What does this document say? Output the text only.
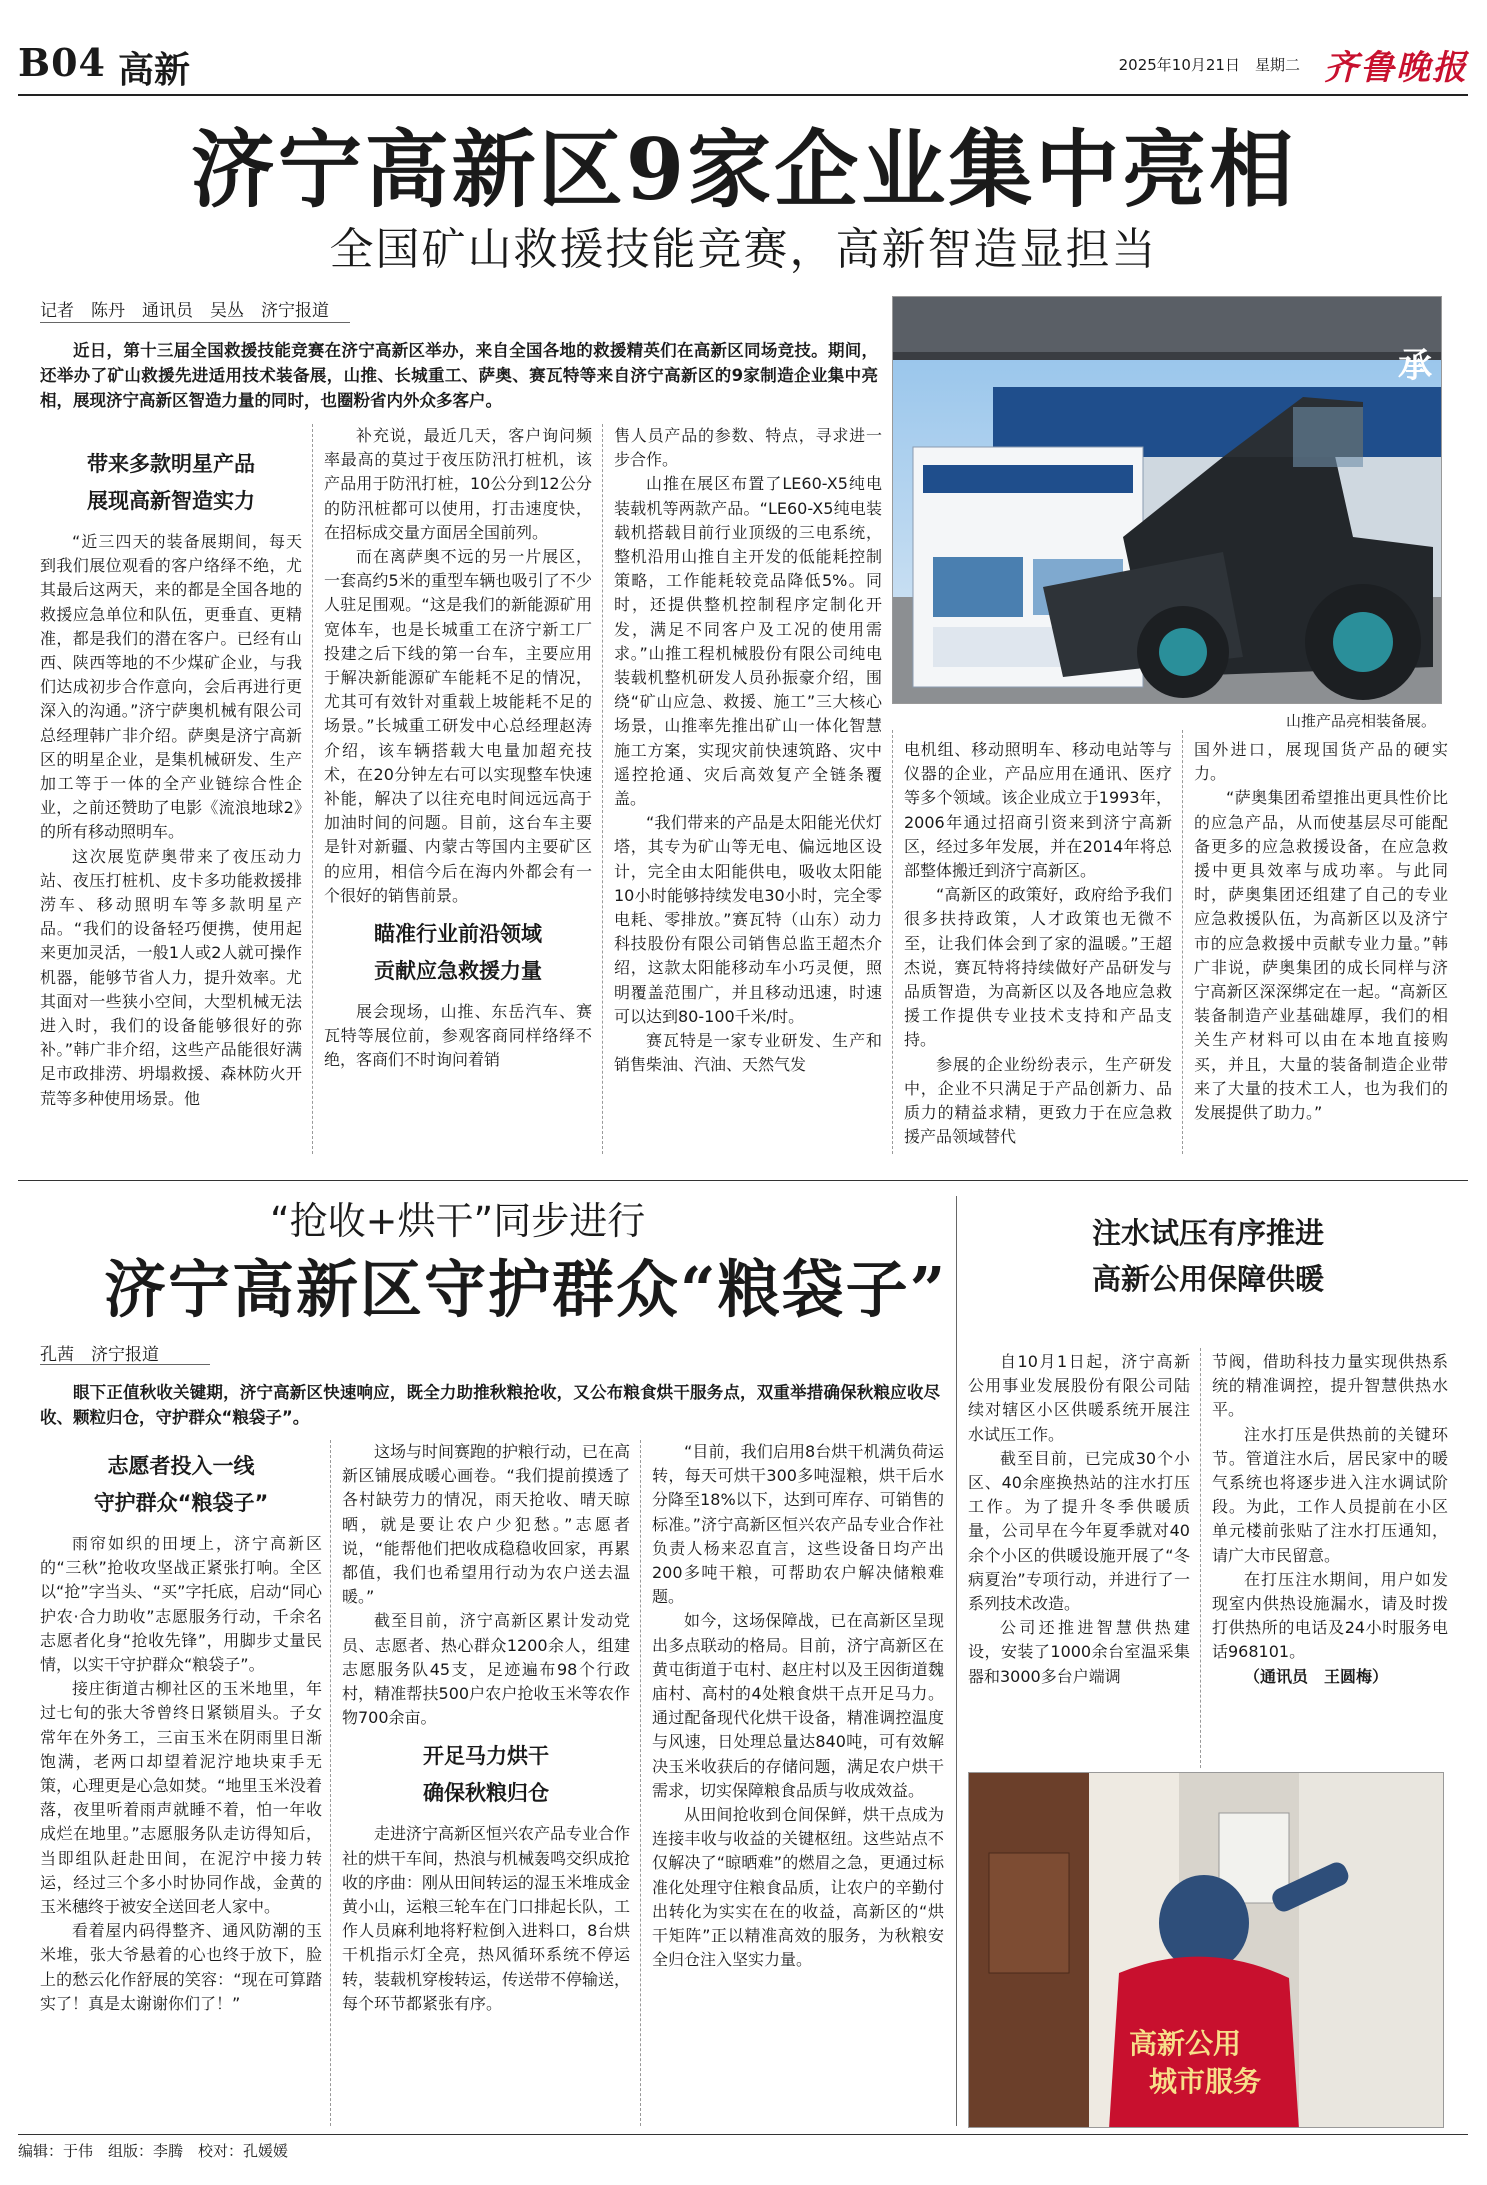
B04 高新	2025年10月21日　 星期二 齐鲁晚报
济宁高新区9家企业集中亮相
全国矿山救援技能竞赛，高新智造显担当
记者　陈丹　通讯员　吴丛　济宁报道
近日，第十三届全国救援技能竞赛在济宁高新区举办，来自全国各地的救援精英们在高新区同场竞技。期间，还举办了矿山救援先进适用技术装备展，山推、长城重工、萨奥、赛瓦特等来自济宁高新区的9家制造企业集中亮相，展现济宁高新区智造力量的同时，也圈粉省内外众多客户。
承
山推产品亮相装备展。
带来多款明星产品
展现高新智造实力

“近三四天的装备展期间，每天到我们展位观看的客户络绎不绝，尤其最后这两天，来的都是全国各地的救援应急单位和队伍，更垂直、更精准，都是我们的潜在客户。已经有山西、陕西等地的不少煤矿企业，与我们达成初步合作意向，会后再进行更深入的沟通。”济宁萨奥机械有限公司总经理韩广非介绍。萨奥是济宁高新区的明星企业，是集机械研发、生产加工等于一体的全产业链综合性企业，之前还赞助了电影《流浪地球2》的所有移动照明车。

这次展览萨奥带来了夜压动力站、夜压打桩机、皮卡多功能救援排涝车、移动照明车等多款明星产品。“我们的设备轻巧便携，使用起来更加灵活，一般1人或2人就可操作机器，能够节省人力，提升效率。尤其面对一些狭小空间，大型机械无法进入时，我们的设备能够很好的弥补。”韩广非介绍，这些产品能很好满足市政排涝、坍塌救援、森林防火开荒等多种使用场景。他

补充说，最近几天，客户询问频率最高的莫过于夜压防汛打桩机，该产品用于防汛打桩，10公分到12公分的防汛桩都可以使用，打击速度快，在招标成交量方面居全国前列。

而在离萨奥不远的另一片展区，一套高约5米的重型车辆也吸引了不少人驻足围观。“这是我们的新能源矿用宽体车，也是长城重工在济宁新工厂投建之后下线的第一台车，主要应用于解决新能源矿车能耗不足的情况，尤其可有效针对重载上坡能耗不足的场景。”长城重工研发中心总经理赵涛介绍，该车辆搭载大电量加超充技术，在20分钟左右可以实现整车快速补能，解决了以往充电时间远远高于加油时间的问题。目前，这台车主要是针对新疆、内蒙古等国内主要矿区的应用，相信今后在海内外都会有一个很好的销售前景。

瞄准行业前沿领域
贡献应急救援力量

展会现场，山推、东岳汽车、赛瓦特等展位前，参观客商同样络绎不绝，客商们不时询问着销

售人员产品的参数、特点，寻求进一步合作。

山推在展区布置了LE60-X5纯电装载机等两款产品。“LE60-X5纯电装载机搭载目前行业顶级的三电系统，整机沿用山推自主开发的低能耗控制策略，工作能耗较竞品降低5%。同时，还提供整机控制程序定制化开发，满足不同客户及工况的使用需求。”山推工程机械股份有限公司纯电装载机整机研发人员孙振豪介绍，围绕“矿山应急、救援、施工”三大核心场景，山推率先推出矿山一体化智慧施工方案，实现灾前快速筑路、灾中遥控抢通、灾后高效复产全链条覆盖。

“我们带来的产品是太阳能光伏灯塔，其专为矿山等无电、偏远地区设计，完全由太阳能供电，吸收太阳能10小时能够持续发电30小时，完全零电耗、零排放。”赛瓦特（山东）动力科技股份有限公司销售总监王超杰介绍，这款太阳能移动车小巧灵便，照明覆盖范围广，并且移动迅速，时速可以达到80-100千米/时。

赛瓦特是一家专业研发、生产和销售柴油、汽油、天然气发

电机组、移动照明车、移动电站等与仪器的企业，产品应用在通讯、医疗等多个领域。该企业成立于1993年，2006年通过招商引资来到济宁高新区，经过多年发展，并在2014年将总部整体搬迁到济宁高新区。

“高新区的政策好，政府给予我们很多扶持政策，人才政策也无微不至，让我们体会到了家的温暖。”王超杰说，赛瓦特将持续做好产品研发与品质智造，为高新区以及各地应急救援工作提供专业技术支持和产品支持。

参展的企业纷纷表示，生产研发中，企业不只满足于产品创新力、品质力的精益求精，更致力于在应急救援产品领域替代

国外进口，展现国货产品的硬实力。

“萨奥集团希望推出更具性价比的应急产品，从而使基层尽可能配备更多的应急救援设备，在应急救援中更具效率与成功率。与此同时，萨奥集团还组建了自己的专业应急救援队伍，为高新区以及济宁市的应急救援中贡献专业力量。”韩广非说，萨奥集团的成长同样与济宁高新区深深绑定在一起。“高新区装备制造产业基础雄厚，我们的相关生产材料可以由在本地直接购买，并且，大量的装备制造企业带来了大量的技术工人，也为我们的发展提供了助力。”

“抢收+烘干”同步进行
济宁高新区守护群众“粮袋子”
孔茜　济宁报道
眼下正值秋收关键期，济宁高新区快速响应，既全力助推秋粮抢收，又公布粮食烘干服务点，双重举措确保秋粮应收尽收、颗粒归仓，守护群众“粮袋子”。
志愿者投入一线
守护群众“粮袋子”

雨帘如织的田埂上，济宁高新区的“三秋”抢收攻坚战正紧张打响。全区以“抢”字当头、“买”字托底，启动“同心护农·合力助收”志愿服务行动，千余名志愿者化身“抢收先锋”，用脚步丈量民情，以实干守护群众“粮袋子”。

接庄街道古柳社区的玉米地里，年过七旬的张大爷曾终日紧锁眉头。子女常年在外务工，三亩玉米在阴雨里日渐饱满，老两口却望着泥泞地块束手无策，心理更是心急如焚。“地里玉米没着落，夜里听着雨声就睡不着，怕一年收成烂在地里。”志愿服务队走访得知后，当即组队赶赴田间，在泥泞中接力转运，经过三个多小时协同作战，金黄的玉米穗终于被安全送回老人家中。

看着屋内码得整齐、通风防潮的玉米堆，张大爷悬着的心也终于放下，脸上的愁云化作舒展的笑容：“现在可算踏实了！真是太谢谢你们了！”

这场与时间赛跑的护粮行动，已在高新区铺展成暖心画卷。“我们提前摸透了各村缺劳力的情况，雨天抢收、晴天晾晒，就是要让农户少犯愁。”志愿者说，“能帮他们把收成稳稳收回家，再累都值，我们也希望用行动为农户送去温暖。”

截至目前，济宁高新区累计发动党员、志愿者、热心群众1200余人，组建志愿服务队45支，足迹遍布98个行政村，精准帮扶500户农户抢收玉米等农作物700余亩。

开足马力烘干
确保秋粮归仓

走进济宁高新区恒兴农产品专业合作社的烘干车间，热浪与机械轰鸣交织成抢收的序曲：刚从田间转运的湿玉米堆成金黄小山，运粮三轮车在门口排起长队，工作人员麻利地将籽粒倒入进料口，8台烘干机指示灯全亮，热风循环系统不停运转，装载机穿梭转运，传送带不停输送，每个环节都紧张有序。

“目前，我们启用8台烘干机满负荷运转，每天可烘干300多吨湿粮，烘干后水分降至18%以下，达到可库存、可销售的标准。”济宁高新区恒兴农产品专业合作社负责人杨来忍直言，这些设备日均产出200多吨干粮，可帮助农户解决储粮难题。

如今，这场保障战，已在高新区呈现出多点联动的格局。目前，济宁高新区在黄屯街道于屯村、赵庄村以及王因街道魏庙村、高村的4处粮食烘干点开足马力。通过配备现代化烘干设备，精准调控温度与风速，日处理总量达840吨，可有效解决玉米收获后的存储问题，满足农户烘干需求，切实保障粮食品质与收成效益。

从田间抢收到仓间保鲜，烘干点成为连接丰收与收益的关键枢纽。这些站点不仅解决了“晾晒难”的燃眉之急，更通过标准化处理守住粮食品质，让农户的辛勤付出转化为实实在在的收益，高新区的“烘干矩阵”正以精准高效的服务，为秋粮安全归仓注入坚实力量。

注水试压有序推进
高新公用保障供暖

自10月1日起，济宁高新公用事业发展股份有限公司陆续对辖区小区供暖系统开展注水试压工作。

截至目前，已完成30个小区、40余座换热站的注水打压工作。为了提升冬季供暖质量，公司早在今年夏季就对40余个小区的供暖设施开展了“冬病夏治”专项行动，并进行了一系列技术改造。

公司还推进智慧供热建设，安装了1000余台室温采集器和3000多台户端调

节阀，借助科技力量实现供热系统的精准调控，提升智慧供热水平。

注水打压是供热前的关键环节。管道注水后，居民家中的暖气系统也将逐步进入注水调试阶段。为此，工作人员提前在小区单元楼前张贴了注水打压通知，请广大市民留意。

在打压注水期间，用户如发现室内供热设施漏水，请及时拨打供热所的电话及24小时服务电话968101。

（通讯员　王圆梅）

高新公用
城市服务
编辑：于伟　组版：李腾　校对：孔媛媛
